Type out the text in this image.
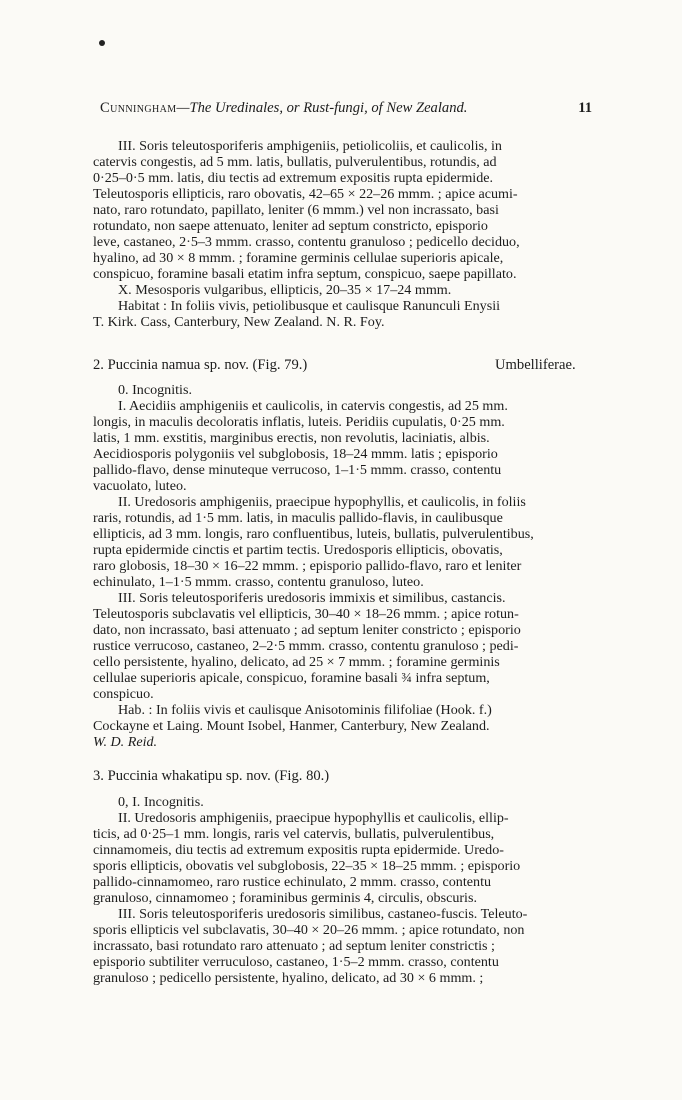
Cunningham—The Uredinales, or Rust-fungi, of New Zealand.	11
III. Soris teleutosporiferis amphigeniis, petiolicoliis, et caulicolis, in
catervis congestis, ad 5 mm. latis, bullatis, pulverulentibus, rotundis, ad
0·25–0·5 mm. latis, diu tectis ad extremum expositis rupta epidermide.
Teleutosporis ellipticis, raro obovatis, 42–65 × 22–26 mmm. ; apice acumi-
nato, raro rotundato, papillato, leniter (6 mmm.) vel non incrassato, basi
rotundato, non saepe attenuato, leniter ad septum constricto, episporio
leve, castaneo, 2·5–3 mmm. crasso, contentu granuloso ; pedicello deciduo,
hyalino, ad 30 × 8 mmm. ; foramine germinis cellulae superioris apicale,
conspicuo, foramine basali etatim infra septum, conspicuo, saepe papillato.
X. Mesosporis vulgaribus, ellipticis, 20–35 × 17–24 mmm.
Habitat : In foliis vivis, petiolibusque et caulisque Ranunculi Enysii
T. Kirk. Cass, Canterbury, New Zealand. N. R. Foy.
2. Puccinia namua sp. nov. (Fig. 79.)	Umbelliferae.
0. Incognitis.
I. Aecidiis amphigeniis et caulicolis, in catervis congestis, ad 25 mm.
longis, in maculis decoloratis inflatis, luteis. Peridiis cupulatis, 0·25 mm.
latis, 1 mm. exstitis, marginibus erectis, non revolutis, laciniatis, albis.
Aecidiosporis polygoniis vel subglobosis, 18–24 mmm. latis ; episporio
pallido-flavo, dense minuteque verrucoso, 1–1·5 mmm. crasso, contentu
vacuolato, luteo.
II. Uredosoris amphigeniis, praecipue hypophyllis, et caulicolis, in foliis
raris, rotundis, ad 1·5 mm. latis, in maculis pallido-flavis, in caulibusque
ellipticis, ad 3 mm. longis, raro confluentibus, luteis, bullatis, pulverulentibus,
rupta epidermide cinctis et partim tectis. Uredosporis ellipticis, obovatis,
raro globosis, 18–30 × 16–22 mmm. ; episporio pallido-flavo, raro et leniter
echinulato, 1–1·5 mmm. crasso, contentu granuloso, luteo.
III. Soris teleutosporiferis uredosoris immixis et similibus, castancis.
Teleutosporis subclavatis vel ellipticis, 30–40 × 18–26 mmm. ; apice rotun-
dato, non incrassato, basi attenuato ; ad septum leniter constricto ; episporio
rustice verrucoso, castaneo, 2–2·5 mmm. crasso, contentu granuloso ; pedi-
cello persistente, hyalino, delicato, ad 25 × 7 mmm. ; foramine germinis
cellulae superioris apicale, conspicuo, foramine basali ¾ infra septum,
conspicuo.
Hab. : In foliis vivis et caulisque Anisotominis filifoliae (Hook. f.)
Cockayne et Laing. Mount Isobel, Hanmer, Canterbury, New Zealand.
W. D. Reid.
3. Puccinia whakatipu sp. nov. (Fig. 80.)
0, I. Incognitis.
II. Uredosoris amphigeniis, praecipue hypophyllis et caulicolis, ellip-
ticis, ad 0·25–1 mm. longis, raris vel catervis, bullatis, pulverulentibus,
cinnamomeis, diu tectis ad extremum expositis rupta epidermide. Uredo-
sporis ellipticis, obovatis vel subglobosis, 22–35 × 18–25 mmm. ; episporio
pallido-cinnamomeo, raro rustice echinulato, 2 mmm. crasso, contentu
granuloso, cinnamomeo ; foraminibus germinis 4, circulis, obscuris.
III. Soris teleutosporiferis uredosoris similibus, castaneo-fuscis. Teleuto-
sporis ellipticis vel subclavatis, 30–40 × 20–26 mmm. ; apice rotundato, non
incrassato, basi rotundato raro attenuato ; ad septum leniter constrictis ;
episporio subtiliter verruculoso, castaneo, 1·5–2 mmm. crasso, contentu
granuloso ; pedicello persistente, hyalino, delicato, ad 30 × 6 mmm. ;
